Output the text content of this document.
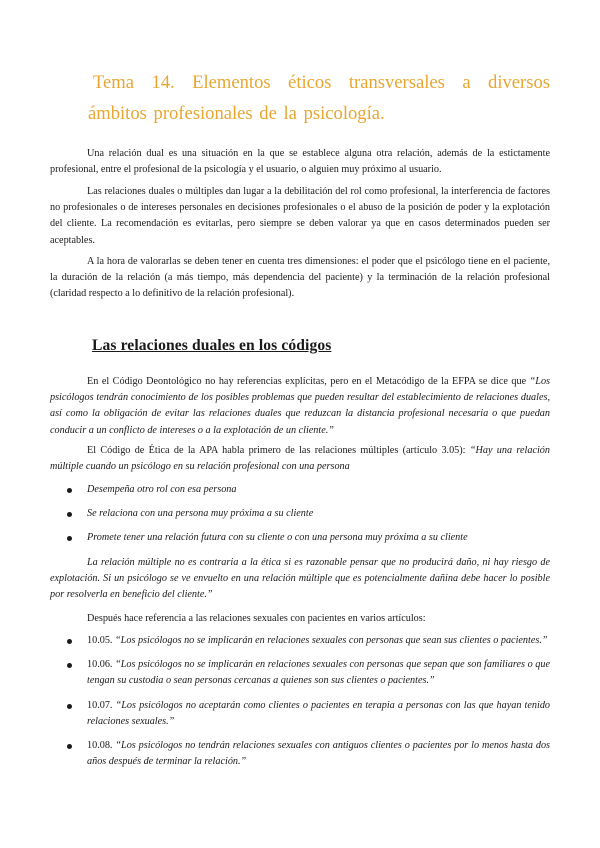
Tema 14. Elementos éticos transversales a diversos
ámbitos profesionales de la psicología.

Una relación dual es una situación en la que se establece alguna otra relación, además de la estictamente profesional, entre el profesional de la psicología y el usuario, o alguien muy próximo al usuario.

Las relaciones duales o múltiples dan lugar a la debilitación del rol como profesional, la interferencia de factores no profesionales o de intereses personales en decisiones profesionales o el abuso de la posición de poder y la explotación del cliente. La recomendación es evitarlas, pero siempre se deben valorar ya que en casos determinados pueden ser aceptables.

A la hora de valorarlas se deben tener en cuenta tres dimensiones: el poder que el psicólogo tiene en el paciente, la duración de la relación (a más tiempo, más dependencia del paciente) y la terminación de la relación profesional (claridad respecto a lo definitivo de la relación profesional).

Las relaciones duales en los códigos

En el Código Deontológico no hay referencias explícitas, pero en el Metacódigo de la EFPA se dice que “Los psicólogos tendrán conocimiento de los posibles problemas que pueden resultar del establecimiento de relaciones duales, así como la obligación de evitar las relaciones duales que reduzcan la distancia profesional necesaria o que puedan conducir a un conflicto de intereses o a la explotación de un cliente.”

El Código de Ética de la APA habla primero de las relaciones múltiples (artículo 3.05): “Hay una relación múltiple cuando un psicólogo en su relación profesional con una persona

Desempeña otro rol con esa persona
Se relaciona con una persona muy próxima a su cliente
Promete tener una relación futura con su cliente o con una persona muy próxima a su cliente

La relación múltiple no es contraria a la ética si es razonable pensar que no producirá daño, ni hay riesgo de explotación. Si un psicólogo se ve envuelto en una relación múltiple que es potencialmente dañina debe hacer lo posible por resolverla en beneficio del cliente.”

Después hace referencia a las relaciones sexuales con pacientes en varios artículos:

10.05. “Los psicólogos no se implicarán en relaciones sexuales con personas que sean sus clientes o pacientes.”
10.06. “Los psicólogos no se implicarán en relaciones sexuales con personas que sepan que son familiares o que tengan su custodia o sean personas cercanas a quienes son sus clientes o pacientes.”
10.07. “Los psicólogos no aceptarán como clientes o pacientes en terapia a personas con las que hayan tenido relaciones sexuales.”
10.08. “Los psicólogos no tendrán relaciones sexuales con antiguos clientes o pacientes por lo menos hasta dos años después de terminar la relación.”
